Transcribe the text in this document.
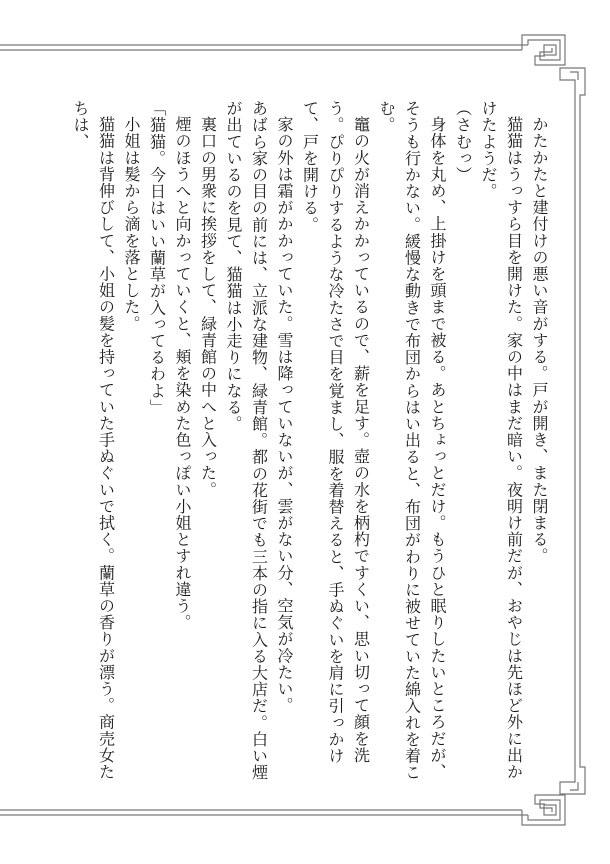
かたかたと建付けの悪い音がする。戸が開き、また閉まる。

猫猫はうっすら目を開けた。家の中はまだ暗い。夜明け前だが、おやじは先ほど外に出かけたようだ。

（さむっ）

身体を丸め、上掛けを頭まで被る。あとちょっとだけ。もうひと眠りしたいところだが、そうも行かない。緩慢な動きで布団からはい出ると、布団がわりに被せていた綿入れを着こむ。

竈の火が消えかかっているので、薪を足す。壺の水を柄杓ですくい、思い切って顔を洗う。ぴりぴりするような冷たさで目を覚まし、服を着替えると、手ぬぐいを肩に引っかけて、戸を開ける。

家の外は霜がかかっていた。雪は降っていないが、雲がない分、空気が冷たい。

あばら家の目の前には、立派な建物、緑青館。都の花街でも三本の指に入る大店だ。白い煙が出ているのを見て、猫猫は小走りになる。

裏口の男衆に挨拶をして、緑青館の中へと入った。

煙のほうへと向かっていくと、頬を染めた色っぽい小姐とすれ違う。

「猫猫。今日はいい蘭草が入ってるわよ」

小姐は髪から滴を落とした。

猫猫は背伸びして、小姐の髪を持っていた手ぬぐいで拭く。蘭草の香りが漂う。商売女たちは、
